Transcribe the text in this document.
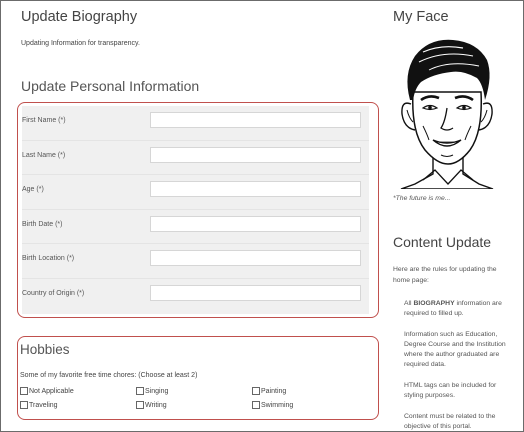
Update Biography
Updating Information for transparency.
Update Personal Information
First Name (*)
Last Name (*)
Age (*)
Birth Date (*)
Birth Location (*)
Country of Origin (*)
Hobbies
Some of my favorite free time chores: (Choose at least 2)
Not Applicable	Singing	Painting
Traveling	Writing	Swimming
My Face
*The future is me...
Content Update
Here are the rules for updating the home page:
All BIOGRAPHY information are required to filled up.
Information such as Education, Degree Course and the Institution where the author graduated are required data.
HTML tags can be included for styling purposes.
Content must be related to the objective of this portal.
